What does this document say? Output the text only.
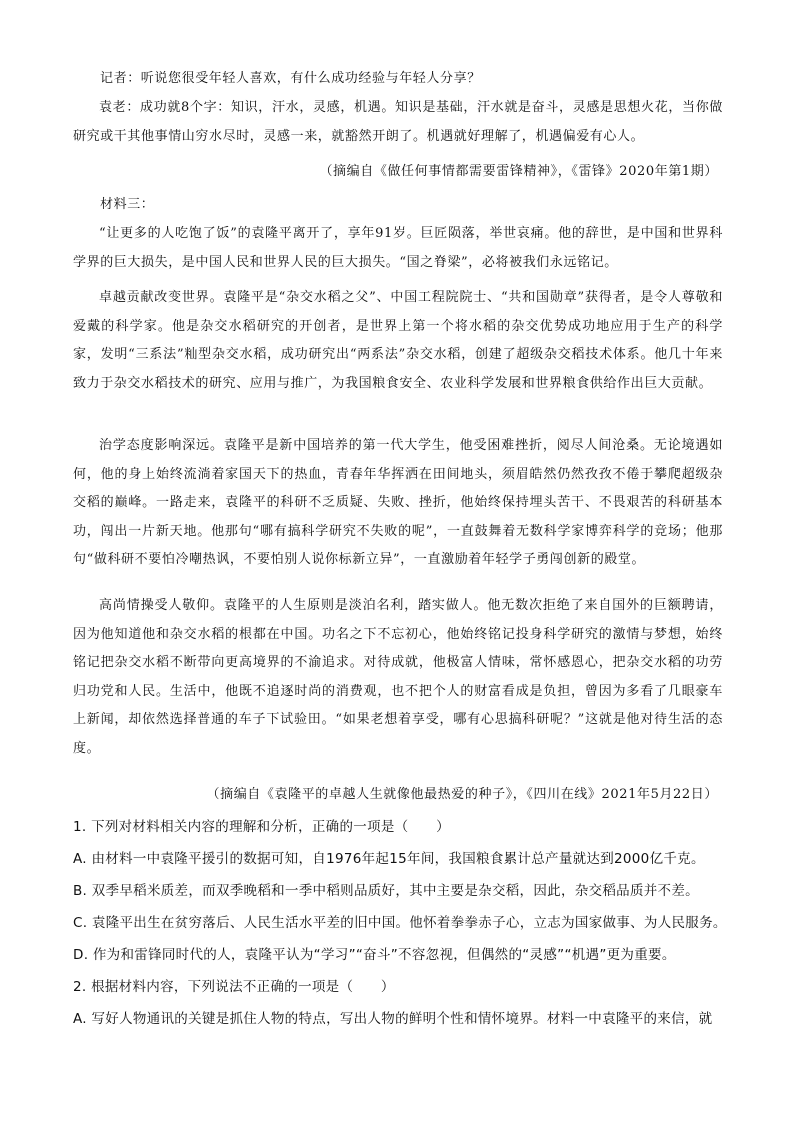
记者：听说您很受年轻人喜欢，有什么成功经验与年轻人分享？

袁老：成功就8个字：知识，汗水，灵感，机遇。知识是基础，汗水就是奋斗，灵感是思想火花，当你做研究或干其他事情山穷水尽时，灵感一来，就豁然开朗了。机遇就好理解了，机遇偏爱有心人。

（摘编自《做任何事情都需要雷锋精神》，《雷锋》2020年第1期）
材料三：

“让更多的人吃饱了饭”的袁隆平离开了，享年91岁。巨匠陨落，举世哀痛。他的辞世，是中国和世界科学界的巨大损失，是中国人民和世界人民的巨大损失。“国之脊梁”，必将被我们永远铭记。

卓越贡献改变世界。袁隆平是“杂交水稻之父”、中国工程院院士、“共和国勋章”获得者，是令人尊敬和爱戴的科学家。他是杂交水稻研究的开创者，是世界上第一个将水稻的杂交优势成功地应用于生产的科学家，发明“三系法”籼型杂交水稻，成功研究出“两系法”杂交水稻，创建了超级杂交稻技术体系。他几十年来致力于杂交水稻技术的研究、应用与推广，为我国粮食安全、农业科学发展和世界粮食供给作出巨大贡献。

治学态度影响深远。袁隆平是新中国培养的第一代大学生，他受困难挫折，阅尽人间沧桑。无论境遇如何，他的身上始终流淌着家国天下的热血，青春年华挥洒在田间地头，须眉皓然仍然孜孜不倦于攀爬超级杂交稻的巅峰。一路走来，袁隆平的科研不乏质疑、失败、挫折，他始终保持埋头苦干、不畏艰苦的科研基本功，闯出一片新天地。他那句“哪有搞科学研究不失败的呢”，一直鼓舞着无数科学家博弈科学的竞场；他那句“做科研不要怕冷嘲热讽，不要怕别人说你标新立异”，一直激励着年轻学子勇闯创新的殿堂。

高尚情操受人敬仰。袁隆平的人生原则是淡泊名利，踏实做人。他无数次拒绝了来自国外的巨额聘请，因为他知道他和杂交水稻的根都在中国。功名之下不忘初心，他始终铭记投身科学研究的激情与梦想，始终铭记把杂交水稻不断带向更高境界的不渝追求。对待成就，他极富人情味，常怀感恩心，把杂交水稻的功劳归功党和人民。生活中，他既不追逐时尚的消费观，也不把个人的财富看成是负担，曾因为多看了几眼豪车上新闻，却依然选择普通的车子下试验田。“如果老想着享受，哪有心思搞科研呢？”这就是他对待生活的态度。

（摘编自《袁隆平的卓越人生就像他最热爱的种子》，《四川在线》2021年5月22日）
1. 下列对材料相关内容的理解和分析，正确的一项是（　　）
A. 由材料一中袁隆平援引的数据可知，自1976年起15年间，我国粮食累计总产量就达到2000亿千克。
B. 双季早稻米质差，而双季晚稻和一季中稻则品质好，其中主要是杂交稻，因此，杂交稻品质并不差。
C. 袁隆平出生在贫穷落后、人民生活水平差的旧中国。他怀着拳拳赤子心，立志为国家做事、为人民服务。
D. 作为和雷锋同时代的人，袁隆平认为“学习”“奋斗”不容忽视，但偶然的“灵感”“机遇”更为重要。
2. 根据材料内容，下列说法不正确的一项是（　　）
A. 写好人物通讯的关键是抓住人物的特点，写出人物的鲜明个性和情怀境界。材料一中袁隆平的来信，就
